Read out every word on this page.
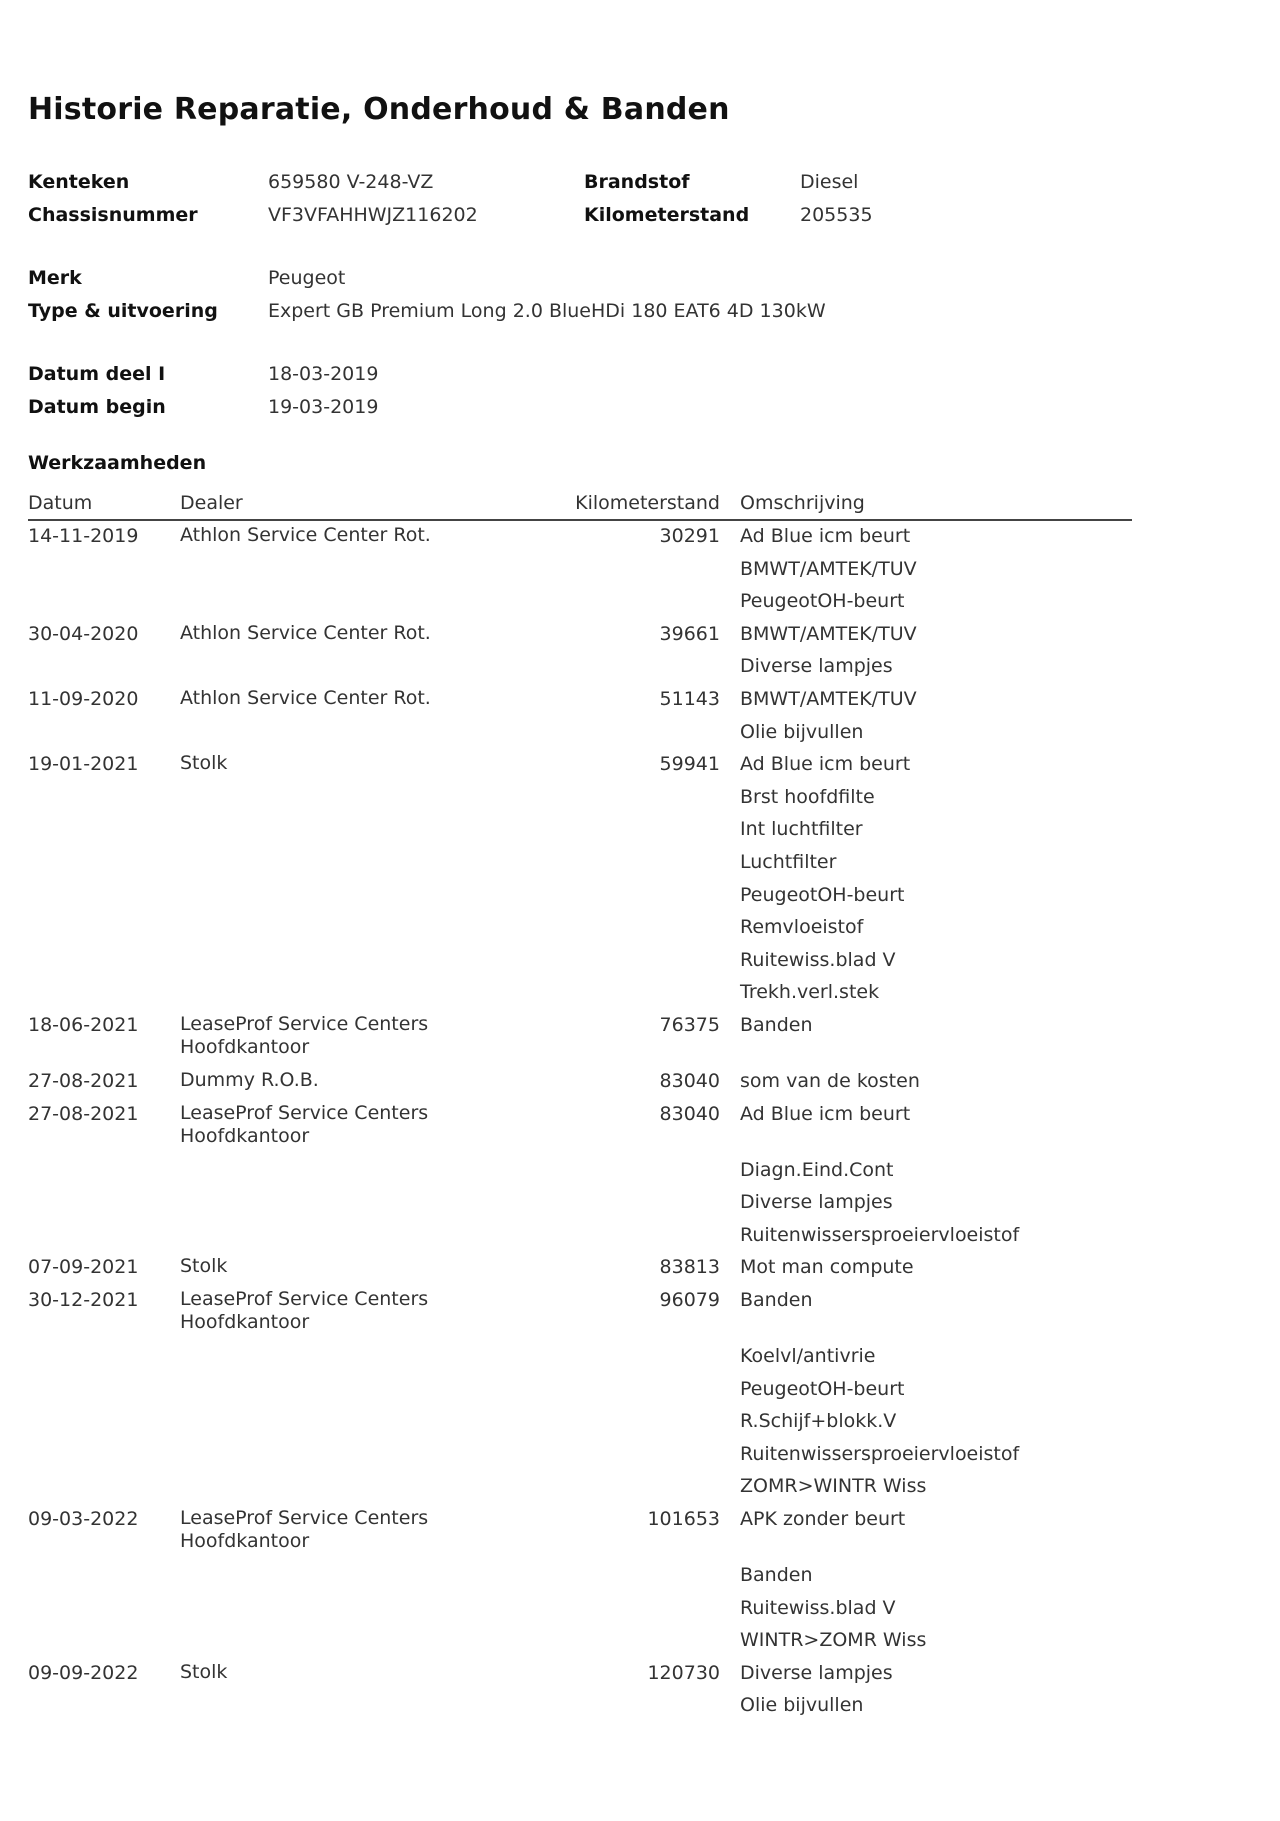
Historie Reparatie, Onderhoud & Banden
Kenteken	659580 V-248-VZ	Brandstof	Diesel
Chassisnummer	VF3VFAHHWJZ116202	Kilometerstand	205535
Merk	Peugeot
Type & uitvoering	Expert GB Premium Long 2.0 BlueHDi 180 EAT6 4D 130kW
Datum deel I	18-03-2019
Datum begin	19-03-2019
Werkzaamheden
Datum	Dealer	Kilometerstand Omschrijving
14-11-2019 Athlon Service Center Rot.	30291 Ad Blue icm beurt
BMWT/AMTEK/TUV
PeugeotOH-beurt
30-04-2020 Athlon Service Center Rot.	39661 BMWT/AMTEK/TUV
Diverse lampjes
11-09-2020 Athlon Service Center Rot.	51143 BMWT/AMTEK/TUV
Olie bijvullen
19-01-2021 Stolk	59941 Ad Blue icm beurt
Brst hoofdfilte
Int luchtfilter
Luchtfilter
PeugeotOH-beurt
Remvloeistof
Ruitewiss.blad V
Trekh.verl.stek
18-06-2021 LeaseProf Service Centers Hoofdkantoor
76375 Banden
27-08-2021 Dummy R.O.B.	83040 som van de kosten
27-08-2021 LeaseProf Service Centers Hoofdkantoor
83040 Ad Blue icm beurt
Diagn.Eind.Cont
Diverse lampjes
Ruitenwissersproeiervloeistof
07-09-2021 Stolk	83813 Mot man compute
30-12-2021 LeaseProf Service Centers Hoofdkantoor
96079 Banden
Koelvl/antivrie
PeugeotOH-beurt
R.Schijf+blokk.V
Ruitenwissersproeiervloeistof
ZOMR>WINTR Wiss
09-03-2022 LeaseProf Service Centers Hoofdkantoor
101653 APK zonder beurt
Banden
Ruitewiss.blad V
WINTR>ZOMR Wiss
09-09-2022 Stolk	120730 Diverse lampjes
Olie bijvullen
